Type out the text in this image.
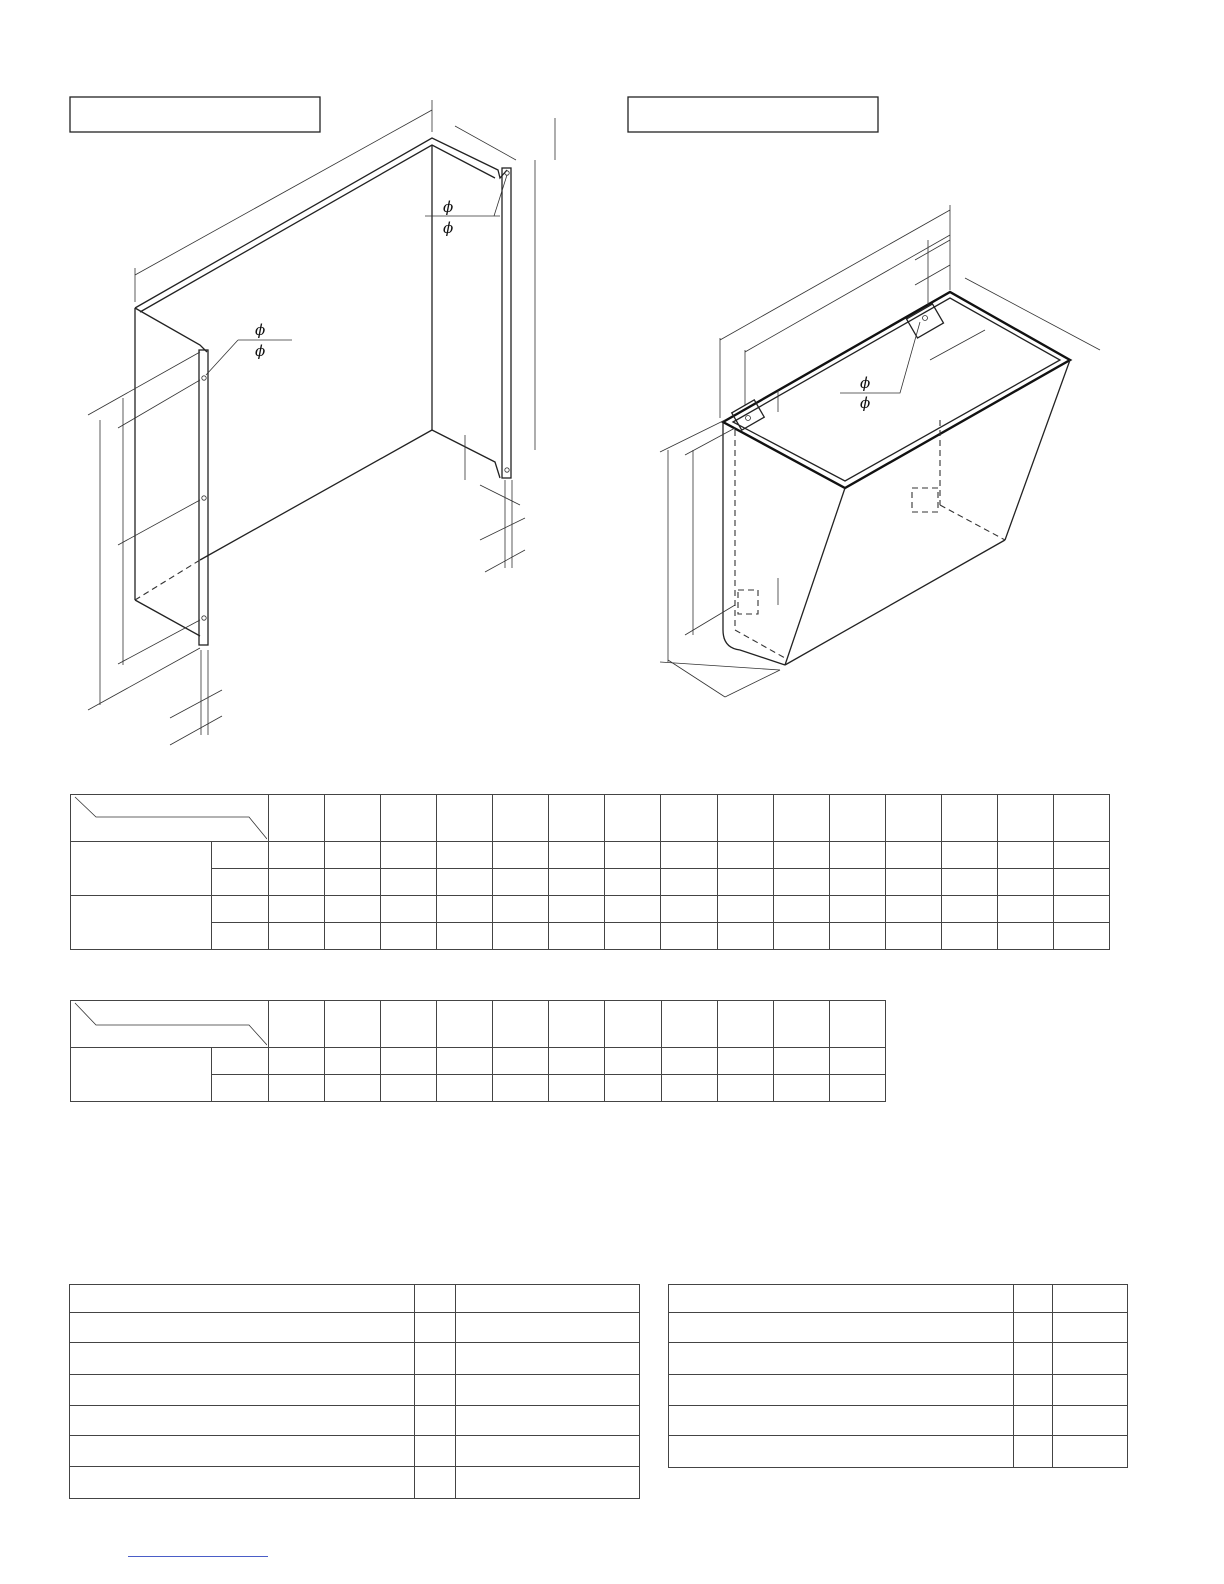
ϕ
ϕ
ϕ
ϕ
ϕ
ϕ
